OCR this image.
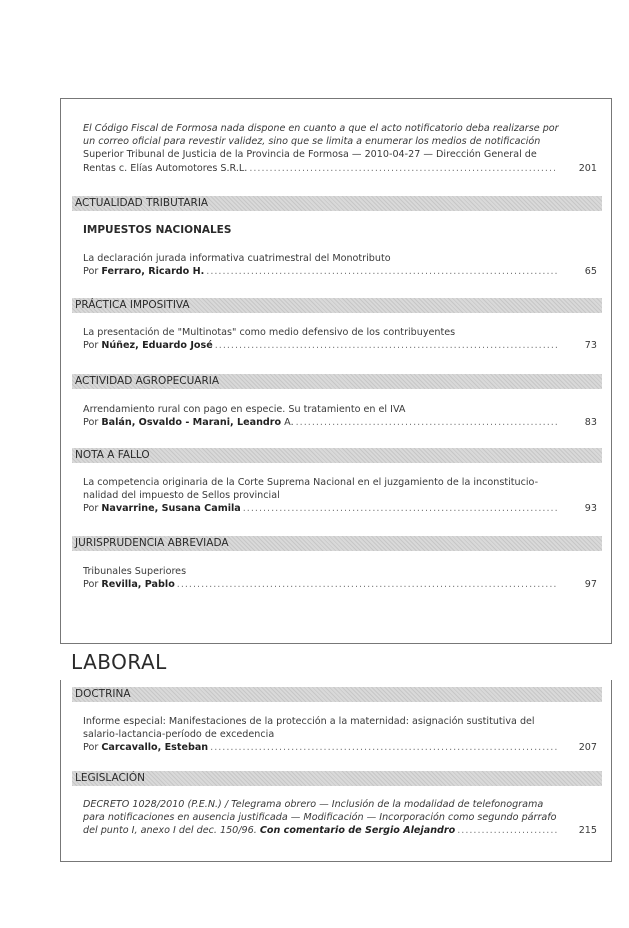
El Código Fiscal de Formosa nada dispone en cuanto a que el acto notificatorio deba realizarse por
un correo oficial para revestir validez, sino que se limita a enumerar los medios de notificación
Superior Tribunal de Justicia de la Provincia de Formosa — 2010-04-27 — Dirección General de
Rentas c. Elías Automotores S.R.L. .....	201
ACTUALIDAD TRIBUTARIA
IMPUESTOS NACIONALES
La declaración jurada informativa cuatrimestral del Monotributo
Por Ferraro, Ricardo H. .....	65
PRÁCTICA IMPOSITIVA
La presentación de "Multinotas" como medio defensivo de los contribuyentes
Por Núñez, Eduardo José .....	73
ACTIVIDAD AGROPECUARIA
Arrendamiento rural con pago en especie. Su tratamiento en el IVA
Por Balán, Osvaldo - Marani, Leandro A. .....	83
NOTA A FALLO
La competencia originaria de la Corte Suprema Nacional en el juzgamiento de la inconstitucio-
nalidad del impuesto de Sellos provincial
Por Navarrine, Susana Camila .....	93
JURISPRUDENCIA ABREVIADA
Tribunales Superiores
Por Revilla, Pablo .....	97
LABORAL
DOCTRINA
Informe especial: Manifestaciones de la protección a la maternidad: asignación sustitutiva del
salario-lactancia-período de excedencia
Por Carcavallo, Esteban .....	207
LEGISLACIÓN
DECRETO 1028/2010 (P.E.N.) / Telegrama obrero — Inclusión de la modalidad de telefonograma
para notificaciones en ausencia justificada — Modificación — Incorporación como segundo párrafo
del punto I, anexo I del dec. 150/96. Con comentario de Sergio Alejandro .....	215
